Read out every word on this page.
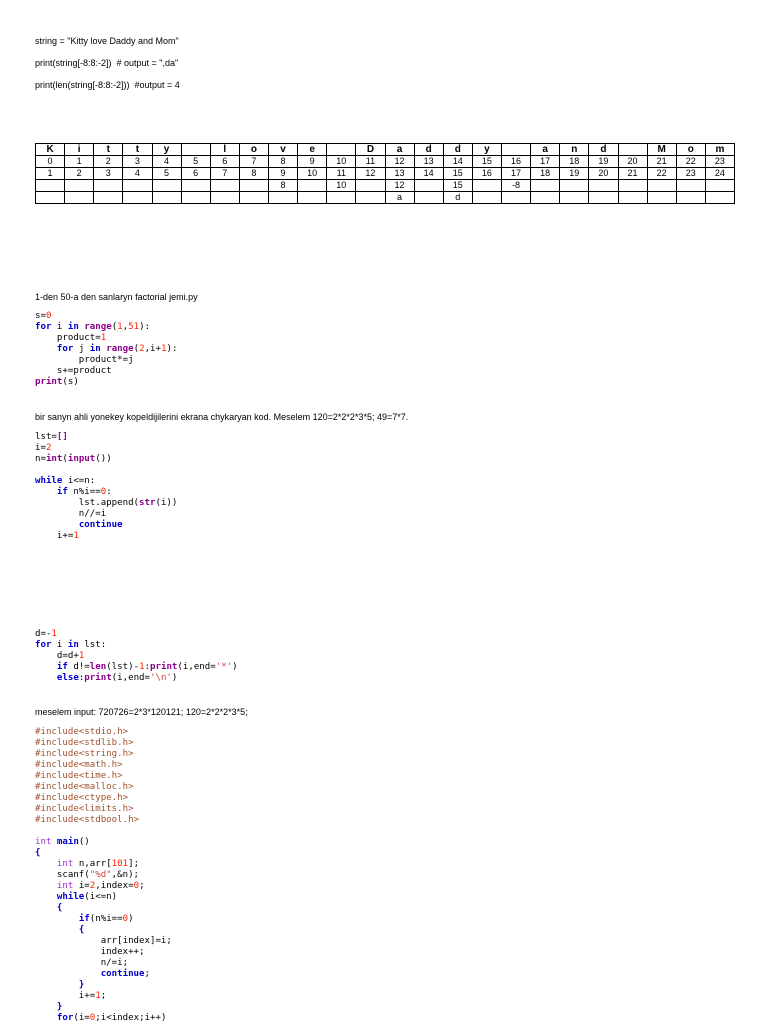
string = "Kitty love Daddy and Mom"
print(string[-8:8:-2])  # output = ",da"
print(len(string[-8:8:-2]))  #output = 4
K	i	t	t	y		l	o	v	e		D	a	d	d	y		a	n	d		M	o	m
0	1	2	3	4	5	6	7	8	9	10	11	12	13	14	15	16	17	18	19	20	21	22	23
1	2	3	4	5	6	7	8	9	10	11	12	13	14	15	16	17	18	19	20	21	22	23	24
								8		10		12		15		-8							
												a		d									
1-den 50-a den sanlaryn factorial jemi.py
s=0
for i in range(1,51):
product=1
for j in range(2,i+1):
product*=j
s+=product
print(s)
bir sanyn ahli yonekey kopeldijilerini ekrana chykaryan kod. Meselem 120=2*2*2*3*5; 49=7*7.
lst=[]
i=2
n=int(input())

while i<=n:
if n%i==0:
lst.append(str(i))
n//=i
continue
i+=1
d=-1
for i in lst:
d=d+1
if d!=len(lst)-1:print(i,end='*')
else:print(i,end='\n')
meselem input: 720726=2*3*120121; 120=2*2*2*3*5;
#include<stdio.h>
#include<stdlib.h>
#include<string.h>
#include<math.h>
#include<time.h>
#include<malloc.h>
#include<ctype.h>
#include<limits.h>
#include<stdbool.h>

int main()
{
int n,arr[101];
scanf("%d",&n);
int i=2,index=0;
while(i<=n)
{
if(n%i==0)
{
arr[index]=i;
index++;
n/=i;
continue;
}
i+=1;
}
for(i=0;i<index;i++)
